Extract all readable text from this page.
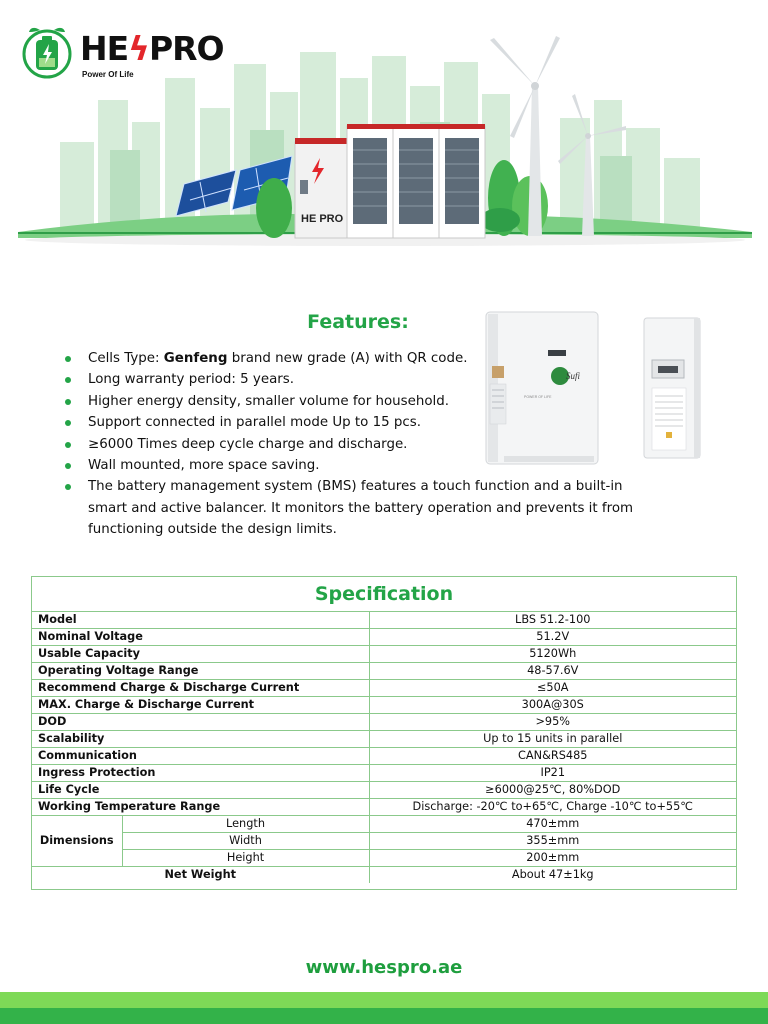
HEϟPRO
Power Of Life
HE PRO
Features:
Cells Type: Genfeng brand new grade (A) with QR code.
Long warranty period: 5 years.
Higher energy density, smaller volume for household.
Support connected in parallel mode Up to 15 pcs.
≥6000 Times deep cycle charge and discharge.
Wall mounted, more space saving.
The battery management system (BMS) features a touch function and a built-in smart and active balancer. It monitors the battery operation and prevents it from functioning outside the design limits.
Sufi
POWER OF LIFE
Specification
Model		LBS 51.2-100
Nominal Voltage		51.2V
Usable Capacity		5120Wh
Operating Voltage Range		48-57.6V
Recommend Charge & Discharge Current		≤50A
MAX. Charge & Discharge Current		300A@30S
DOD		>95%
Scalability		Up to 15 units in parallel
Communication		CAN&RS485
Ingress Protection		IP21
Life Cycle		≥6000@25℃, 80%DOD
Working Temperature Range		Discharge: -20℃ to+65℃, Charge -10℃ to+55℃
Dimensions	Length	470±mm
	Width	355±mm
	Height	200±mm
Net Weight		About 47±1kg
www.hespro.ae
